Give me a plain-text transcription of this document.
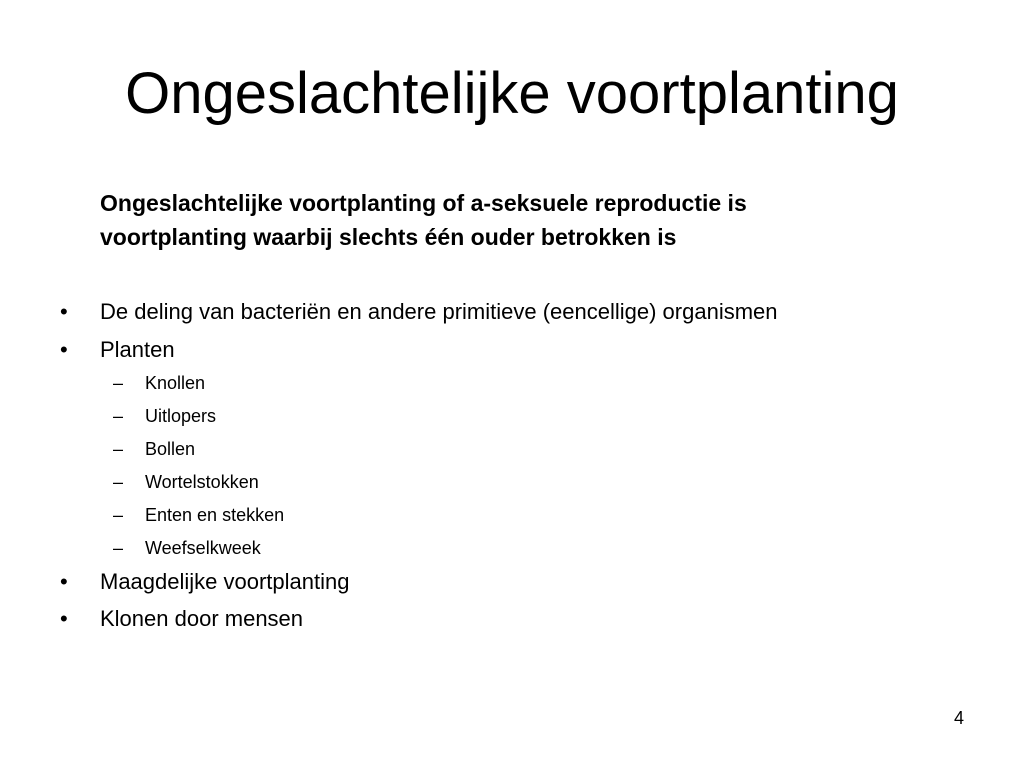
Ongeslachtelijke voortplanting
Ongeslachtelijke voortplanting of a-seksuele reproductie is
voortplanting waarbij slechts één ouder betrokken is
• De deling van bacteriën en andere primitieve (eencellige) organismen
• Planten
–	Knollen
–	Uitlopers
–	Bollen
–	Wortelstokken
–	Enten en stekken
–	Weefselkweek
• Maagdelijke voortplanting
• Klonen door mensen
4
